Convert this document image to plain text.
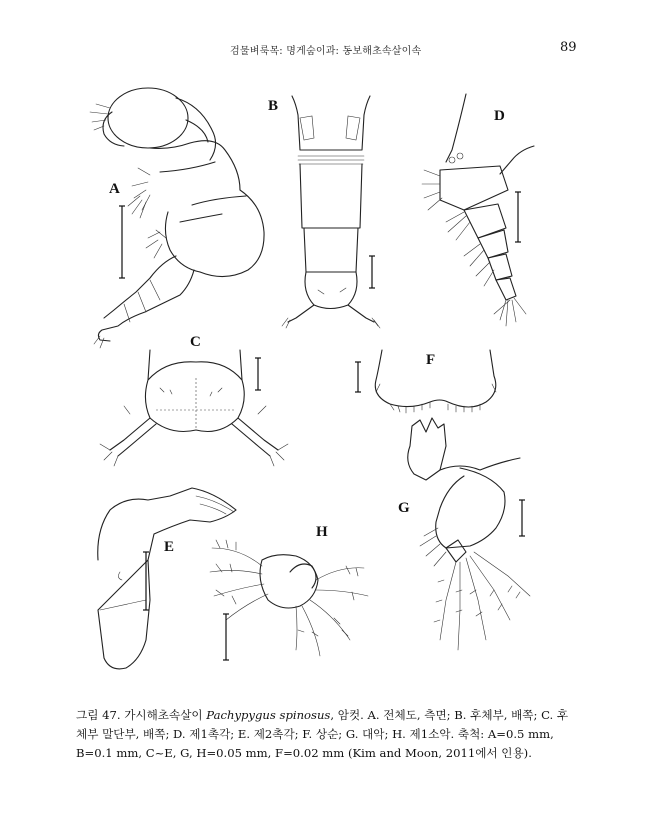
검물벼룩목: 명게숨이과: 동보해초속살이속	89
A
B
C
D
F
E
H
G
그림 47. 가시해초속살이 Pachypygus spinosus, 암컷. A. 전체도, 측면; B. 후체부, 배쪽; C. 후체부 말단부, 배쪽; D. 제1촉각; E. 제2촉각; F. 상순; G. 대악; H. 제1소악. 축척: A=0.5 mm, B=0.1 mm, C~E, G, H=0.05 mm, F=0.02 mm (Kim and Moon, 2011에서 인용).
